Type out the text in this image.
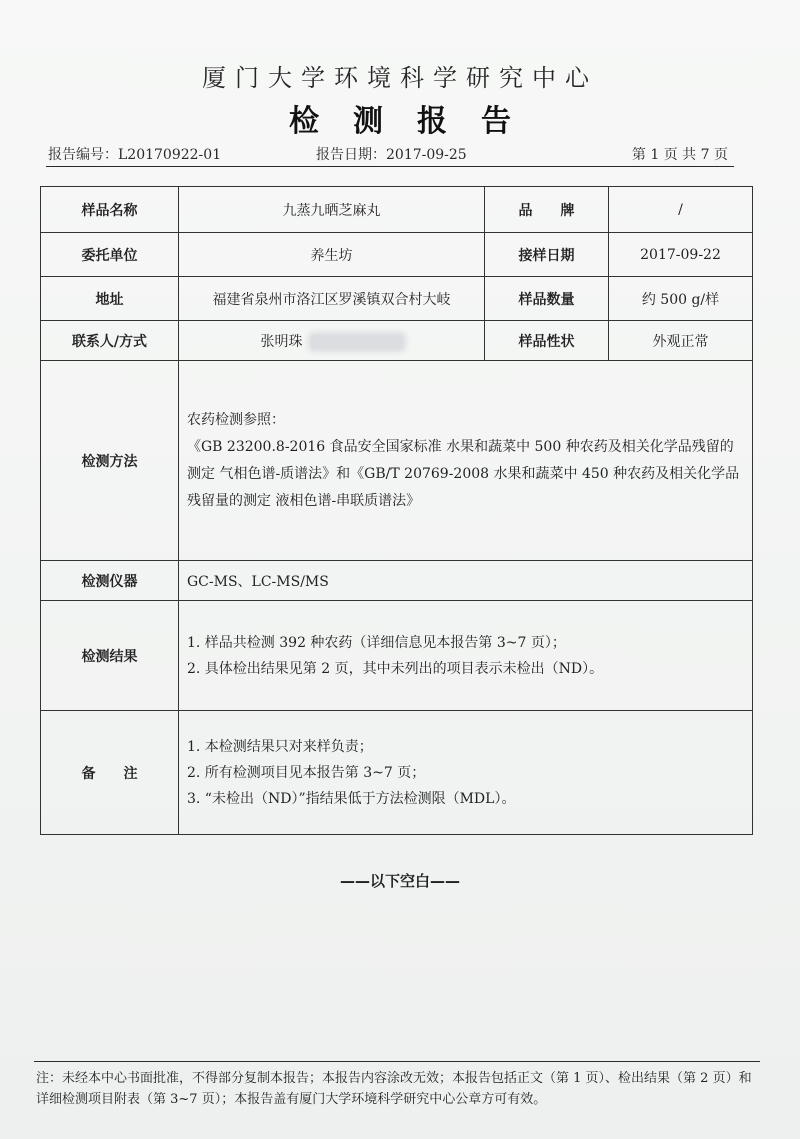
厦门大学环境科学研究中心
检测报告
报告编号：L20170922-01	报告日期：2017-09-25	第 1 页 共 7 页
样品名称	九蒸九晒芝麻丸	品　　牌	/
委托单位	养生坊	接样日期	2017-09-22
地址	福建省泉州市洛江区罗溪镇双合村大岐	样品数量	约 500 g/样
联系人/方式	张明珠	样品性状	外观正常
检测方法	农药检测参照：
《GB 23200.8-2016 食品安全国家标准 水果和蔬菜中 500 种农药及相关化学品残留的测定 气相色谱-质谱法》和《GB/T 20769-2008 水果和蔬菜中 450 种农药及相关化学品残留量的测定 液相色谱-串联质谱法》		

检测仪器	GC-MS、LC-MS/MS		
检测结果	1. 样品共检测 392 种农药（详细信息见本报告第 3~7 页）；
2. 具体检出结果见第 2 页，其中未列出的项目表示未检出（ND）。		

备　　注	1. 本检测结果只对来样负责；
2. 所有检测项目见本报告第 3~7 页；
3. “未检出（ND）”指结果低于方法检测限（MDL）。		
——以下空白——
注：未经本中心书面批准，不得部分复制本报告；本报告内容涂改无效；本报告包括正文（第 1 页）、检出结果（第 2 页）和详细检测项目附表（第 3~7 页）；本报告盖有厦门大学环境科学研究中心公章方可有效。
